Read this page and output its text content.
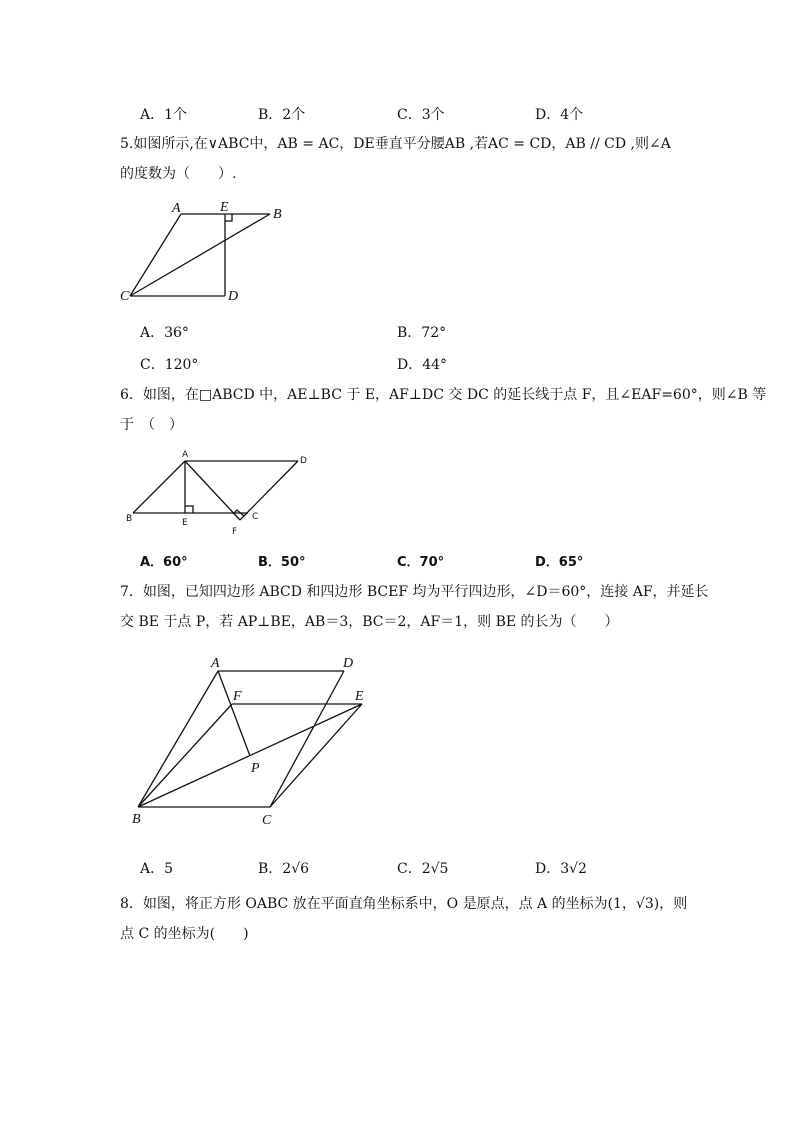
A．1个	B．2个	C．3个	D．4个
5.如图所示,在∨ABC中，AB = AC，DE垂直平分腰AB ,若AC = CD，AB // CD ,则∠A
的度数为（　　）.
A	E	B
C	D
A．36°	B．72°
C．120°	D．44°
6．如图，在□ABCD 中，AE⊥BC 于 E，AF⊥DC 交 DC 的延长线于点 F，且∠EAF=60°，则∠B 等
于　（　）
A
D
B	E
F
C
A．60°	B．50°	C．70°	D．65°
7．如图，已知四边形 ABCD 和四边形 BCEF 均为平行四边形，∠D＝60°，连接 AF，并延长
交 BE 于点 P，若 AP⊥BE，AB＝3，BC＝2，AF＝1，则 BE 的长为（　　）
A	D
F	E
P
B	C
A．5	B．2√6	C．2√5	D．3√2
8．如图，将正方形 OABC 放在平面直角坐标系中，O 是原点，点 A 的坐标为(1，√3)，则
点 C 的坐标为(　　)
